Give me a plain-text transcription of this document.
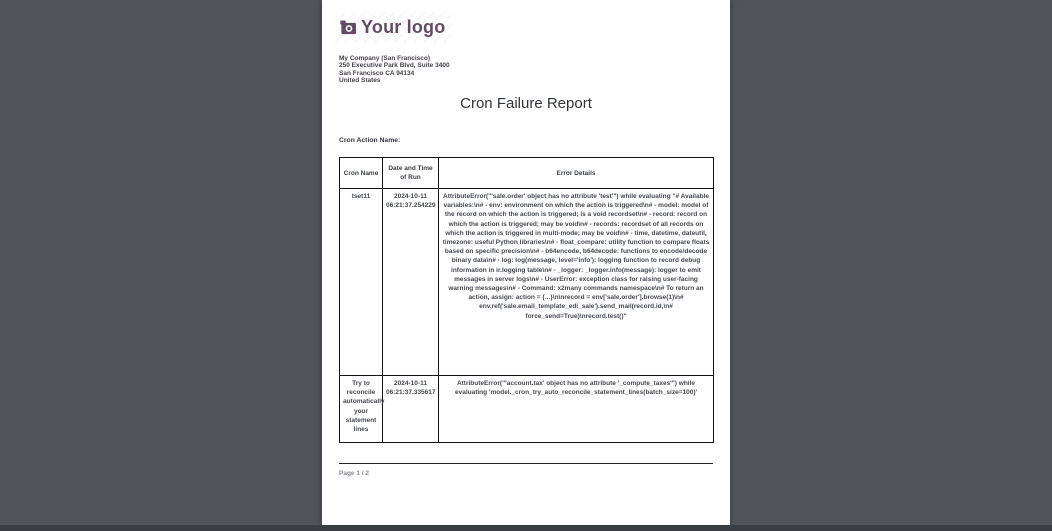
Your logo
My Company (San Francisco)
250 Executive Park Blvd, Suite 3400
San Francisco CA 94134
United States
Cron Failure Report
Cron Action Name:
Cron Name	Date and Time of Run	Error Details
tset11	2024-10-11 06:21:37.254229	AttributeError("'sale.order' object has no attribute 'test'") while evaluating "# Available variables:\n# - env: environment on which the action is triggered\n# - model: model of the record on which the action is triggered; is a void recordset\n# - record: record on which the action is triggered; may be void\n# - records: recordset of all records on which the action is triggered in multi-mode; may be void\n# - time, datetime, dateutil, timezone: useful Python libraries\n# - float_compare: utility function to compare floats based on specific precision\n# - b64encode, b64decode: functions to encode/decode binary data\n# - log: log(message, level='info'): logging function to record debug information in ir.logging table\n# - _logger: _logger.info(message): logger to emit messages in server logs\n# - UserError: exception class for raising user-facing warning messages\n# - Command: x2many commands namespace\n# To return an action, assign: action = {...}\n\nrecord = env['sale.order'].browse(1)\n# env.ref('sale.email_template_edi_sale').send_mail(record.id,\n# force_send=True)\nrecord.test()"

Try to reconcile automatically your statement lines	2024-10-11 06:21:37.335617	AttributeError("'account.tax' object has no attribute '_compute_taxes'") while evaluating 'model._cron_try_auto_reconcile_statement_lines(batch_size=100)'
Page 1 / 2
